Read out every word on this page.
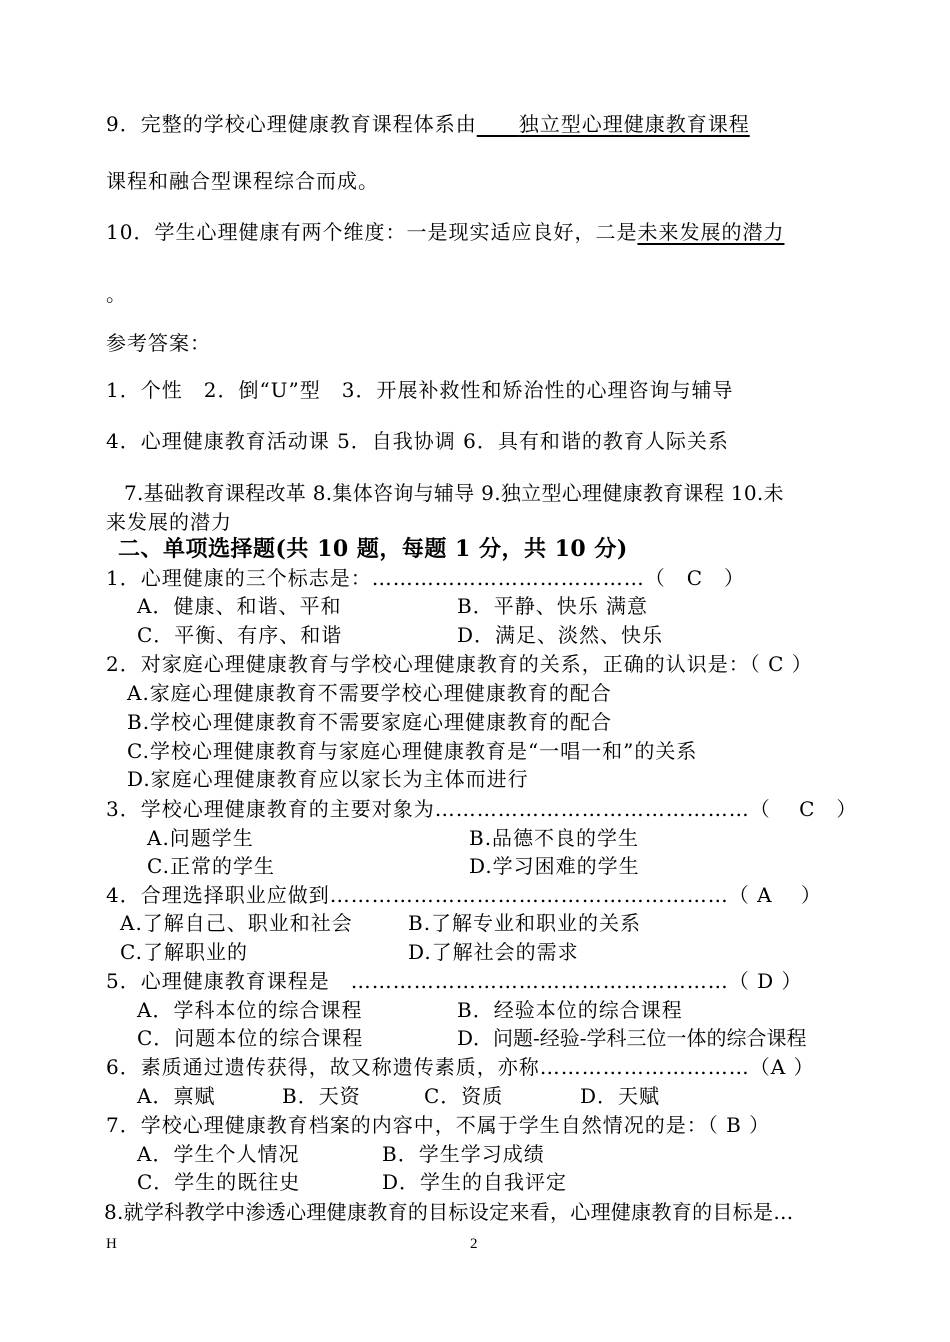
9．完整的学校心理健康教育课程体系由　　 独立型心理健康教育课程
课程和融合型课程综合而成。
10．学生心理健康有两个维度：一是现实适应良好，二是未来发展的潜力
。
参考答案：
1．个性　2．倒“U”型　3．开展补救性和矫治性的心理咨询与辅导
4．心理健康教育活动课 5．自我协调 6．具有和谐的教育人际关系
7.基础教育课程改革 8.集体咨询与辅导 9.独立型心理健康教育课程 10.未
来发展的潜力
二、单项选择题(共 10 题，每题 1 分，共 10 分)
1．心理健康的三个标志是：…………………………………（　C　）
A．健康、和谐、平和	B．平静、快乐 满意
C．平衡、有序、和谐	D．满足、淡然、快乐
2．对家庭心理健康教育与学校心理健康教育的关系，正确的认识是：（ C ）
A.家庭心理健康教育不需要学校心理健康教育的配合
B.学校心理健康教育不需要家庭心理健康教育的配合
C.学校心理健康教育与家庭心理健康教育是“一唱一和”的关系
D.家庭心理健康教育应以家长为主体而进行
3．学校心理健康教育的主要对象为………………………………………（　 C　）
A.问题学生	B.品德不良的学生
C.正常的学生	D.学习困难的学生
4．合理选择职业应做到…………………………………………………（ A　 ）
A.了解自己、职业和社会	B.了解专业和职业的关系
C.了解职业的	D.了解社会的需求
5．心理健康教育课程是　………………………………………………（ D ）
A．学科本位的综合课程	B．经验本位的综合课程
C．问题本位的综合课程	D．问题-经验-学科三位一体的综合课程
6．素质通过遗传获得，故又称遗传素质，亦称…………………………（A ）
A．禀赋	B．天资	C．资质	D．天赋
7．学校心理健康教育档案的内容中，不属于学生自然情况的是：（ B ）
A．学生个人情况	B．学生学习成绩
C．学生的既往史	D．学生的自我评定
8.就学科教学中渗透心理健康教育的目标设定来看，心理健康教育的目标是…
H	2
